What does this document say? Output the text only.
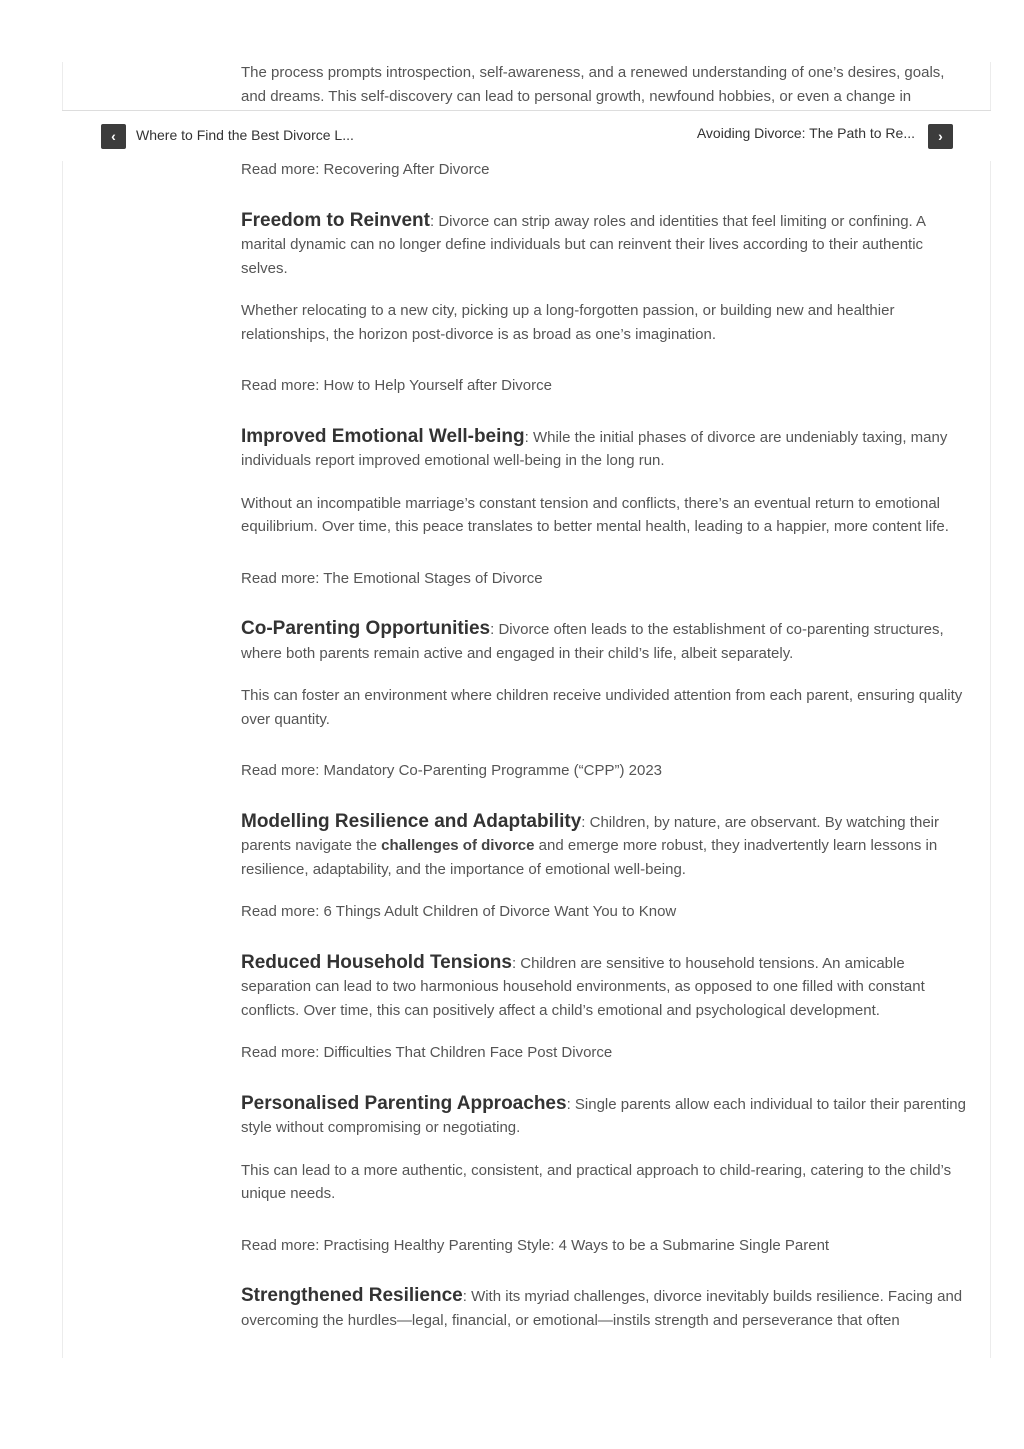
The process prompts introspection, self-awareness, and a renewed understanding of one’s desires, goals, and dreams. This self-discovery can lead to personal growth, newfound hobbies, or even a change in

‹	Where to Find the Best Divorce L...	Avoiding Divorce: The Path to Re...	›

Read more: Recovering After Divorce

Freedom to Reinvent: Divorce can strip away roles and identities that feel limiting or confining. A marital dynamic can no longer define individuals but can reinvent their lives according to their authentic selves.

Whether relocating to a new city, picking up a long-forgotten passion, or building new and healthier relationships, the horizon post-divorce is as broad as one’s imagination.

Read more: How to Help Yourself after Divorce

Improved Emotional Well-being: While the initial phases of divorce are undeniably taxing, many individuals report improved emotional well-being in the long run.

Without an incompatible marriage’s constant tension and conflicts, there’s an eventual return to emotional equilibrium. Over time, this peace translates to better mental health, leading to a happier, more content life.

Read more: The Emotional Stages of Divorce

Co-Parenting Opportunities: Divorce often leads to the establishment of co-parenting structures, where both parents remain active and engaged in their child’s life, albeit separately.

This can foster an environment where children receive undivided attention from each parent, ensuring quality over quantity.

Read more: Mandatory Co-Parenting Programme (“CPP”) 2023

Modelling Resilience and Adaptability: Children, by nature, are observant. By watching their parents navigate the challenges of divorce and emerge more robust, they inadvertently learn lessons in resilience, adaptability, and the importance of emotional well-being.

Read more: 6 Things Adult Children of Divorce Want You to Know

Reduced Household Tensions: Children are sensitive to household tensions. An amicable separation can lead to two harmonious household environments, as opposed to one filled with constant conflicts. Over time, this can positively affect a child’s emotional and psychological development.

Read more: Difficulties That Children Face Post Divorce

Personalised Parenting Approaches: Single parents allow each individual to tailor their parenting style without compromising or negotiating.

This can lead to a more authentic, consistent, and practical approach to child-rearing, catering to the child’s unique needs.

Read more: Practising Healthy Parenting Style: 4 Ways to be a Submarine Single Parent

Strengthened Resilience: With its myriad challenges, divorce inevitably builds resilience. Facing and overcoming the hurdles—legal, financial, or emotional—instils strength and perseverance that often
